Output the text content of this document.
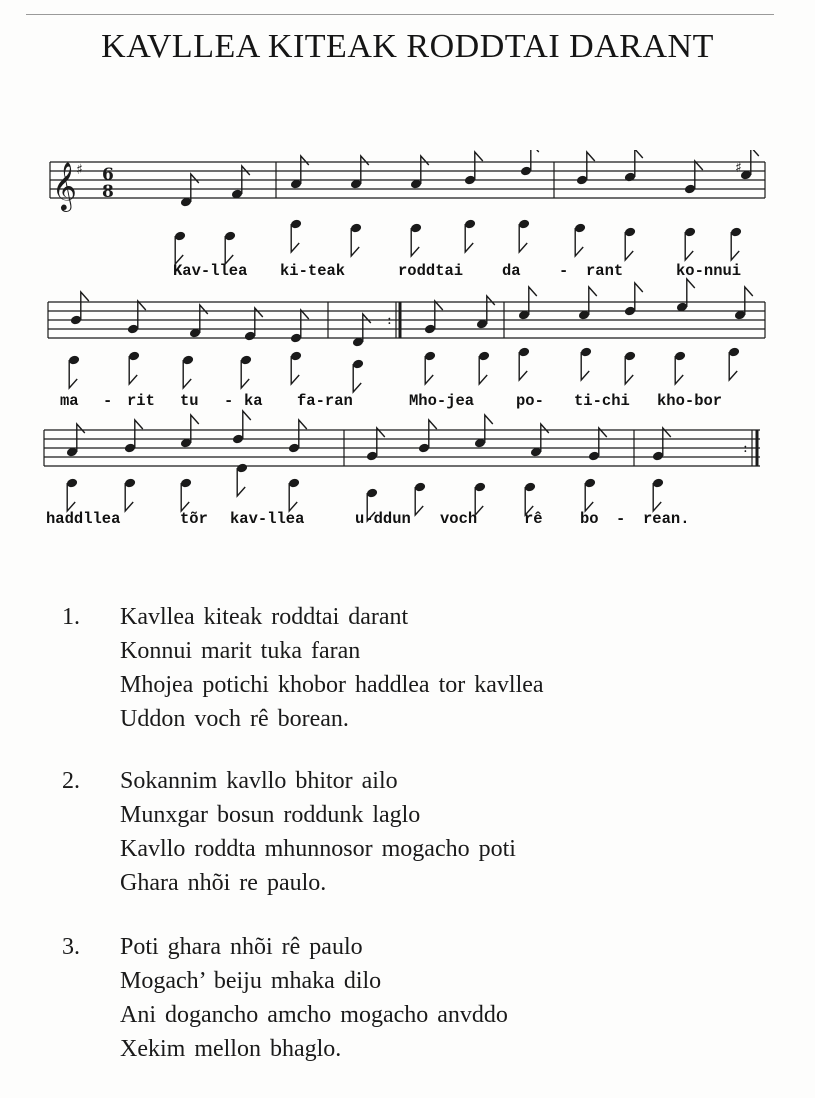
KAVLLEA KITEAK RODDTAI DARANT
𝄞 ♯ 6
8
♯
:
:
Kav-llea ki-teak	roddtai	da - rant	ko-nnui
ma - rit tu - ka fa-ran	Mho-jea	po- ti-chi kho-bor
haddllea	tõr kav-llea	u-ddun voch	rê bo - rean.
1. Kavllea kiteak roddtai darant
Konnui marit tuka faran
Mhojea potichi khobor haddlea tor kavllea
Uddon voch rê borean.
2. Sokannim kavllo bhitor ailo
Munxgar bosun roddunk laglo
Kavllo roddta mhunnosor mogacho poti
Ghara nhõi re paulo.
3. Poti ghara nhõi rê paulo
Mogach’ beiju mhaka dilo
Ani dogancho amcho mogacho anvddo
Xekim mellon bhaglo.
